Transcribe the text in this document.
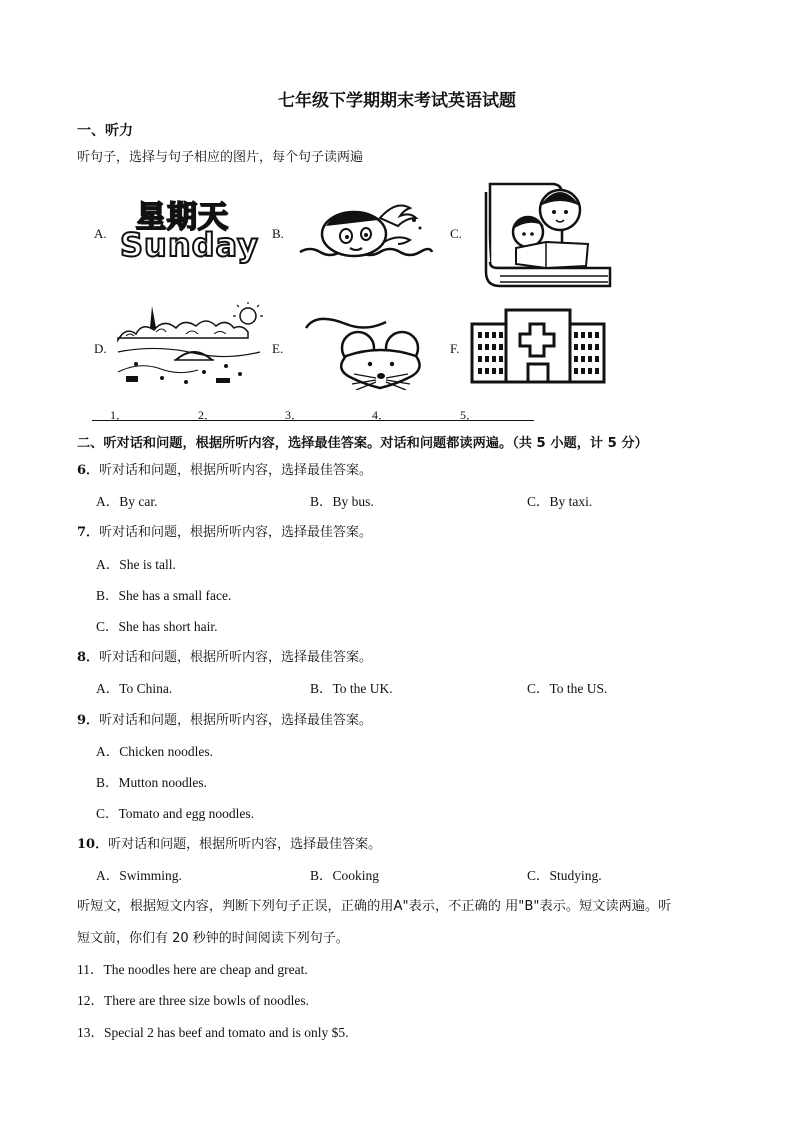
七年级下学期期末考试英语试题
一、听力
听句子，选择与句子相应的图片，每个句子读两遍
A.	B.	C.
D.	E.	F.
星期天
Sunday
1．	2．	3．	4．	5．
二、听对话和问题，根据所听内容，选择最佳答案。对话和问题都读两遍。（共 5 小题，计 5 分）
6．听对话和问题，根据所听内容，选择最佳答案。
A．By car.	B．By bus.	C．By taxi.
7．听对话和问题，根据所听内容，选择最佳答案。
A．She is tall.
B．She has a small face.
C．She has short hair.
8．听对话和问题，根据所听内容，选择最佳答案。
A．To China.	B．To the UK.	C．To the US.
9．听对话和问题，根据所听内容，选择最佳答案。
A．Chicken noodles.
B．Mutton noodles.
C．Tomato and egg noodles.
10．听对话和问题，根据所听内容，选择最佳答案。
A．Swimming.	B．Cooking	C．Studying.
听短文，根据短文内容，判断下列句子正误，正确的用A"表示，不正确的 用"B"表示。短文读两遍。听
短文前，你们有 20 秒钟的时间阅读下列句子。
11．The noodles here are cheap and great.
12．There are three size bowls of noodles.
13．Special 2 has beef and tomato and is only $5.
